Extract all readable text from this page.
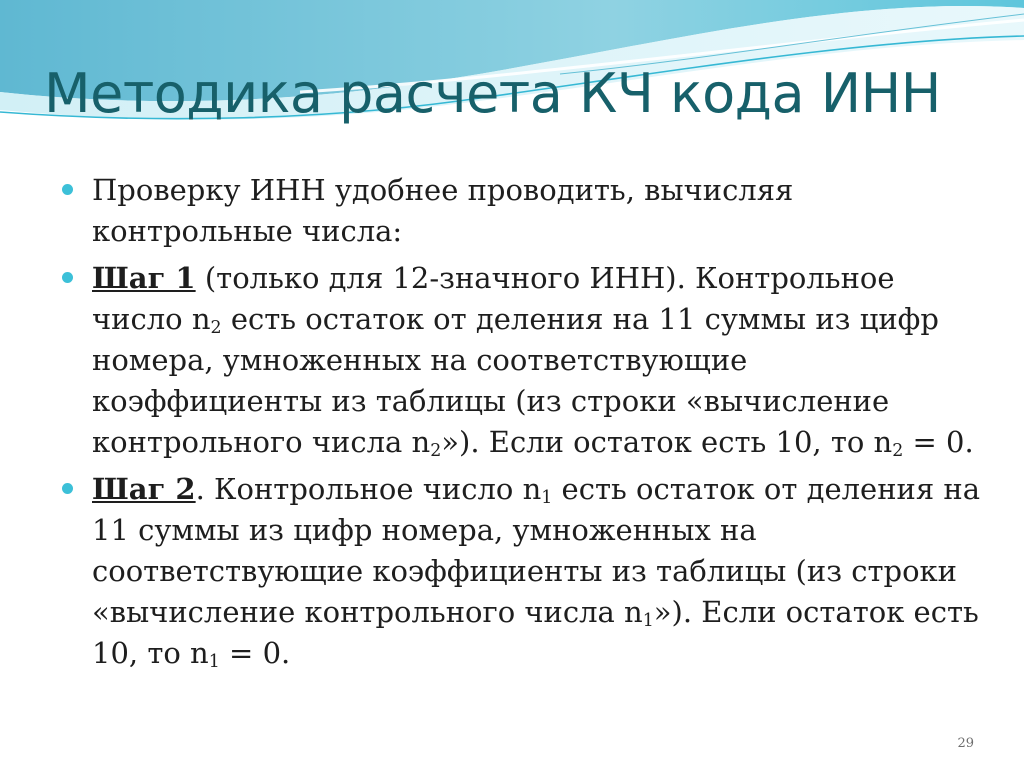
Методика расчета КЧ кода ИНН
Проверку ИНН удобнее проводить, вычисляя контрольные числа:
Шаг 1 (только для 12-значного ИНН). Контрольное число $n_2$ есть остаток от деления на 11 суммы из цифр номера, умноженных на соответствующие коэффициенты из таблицы (из строки «вычисление контрольного числа $n_2$»). Если остаток есть 10, то $n_2 = 0$.
Шаг 2. Контрольное число $n_1$ есть остаток от деления на 11 суммы из цифр номера, умноженных на соответствующие коэффициенты из таблицы (из строки «вычисление контрольного числа $n_1$»). Если остаток есть 10, то $n_1 = 0$.
29
